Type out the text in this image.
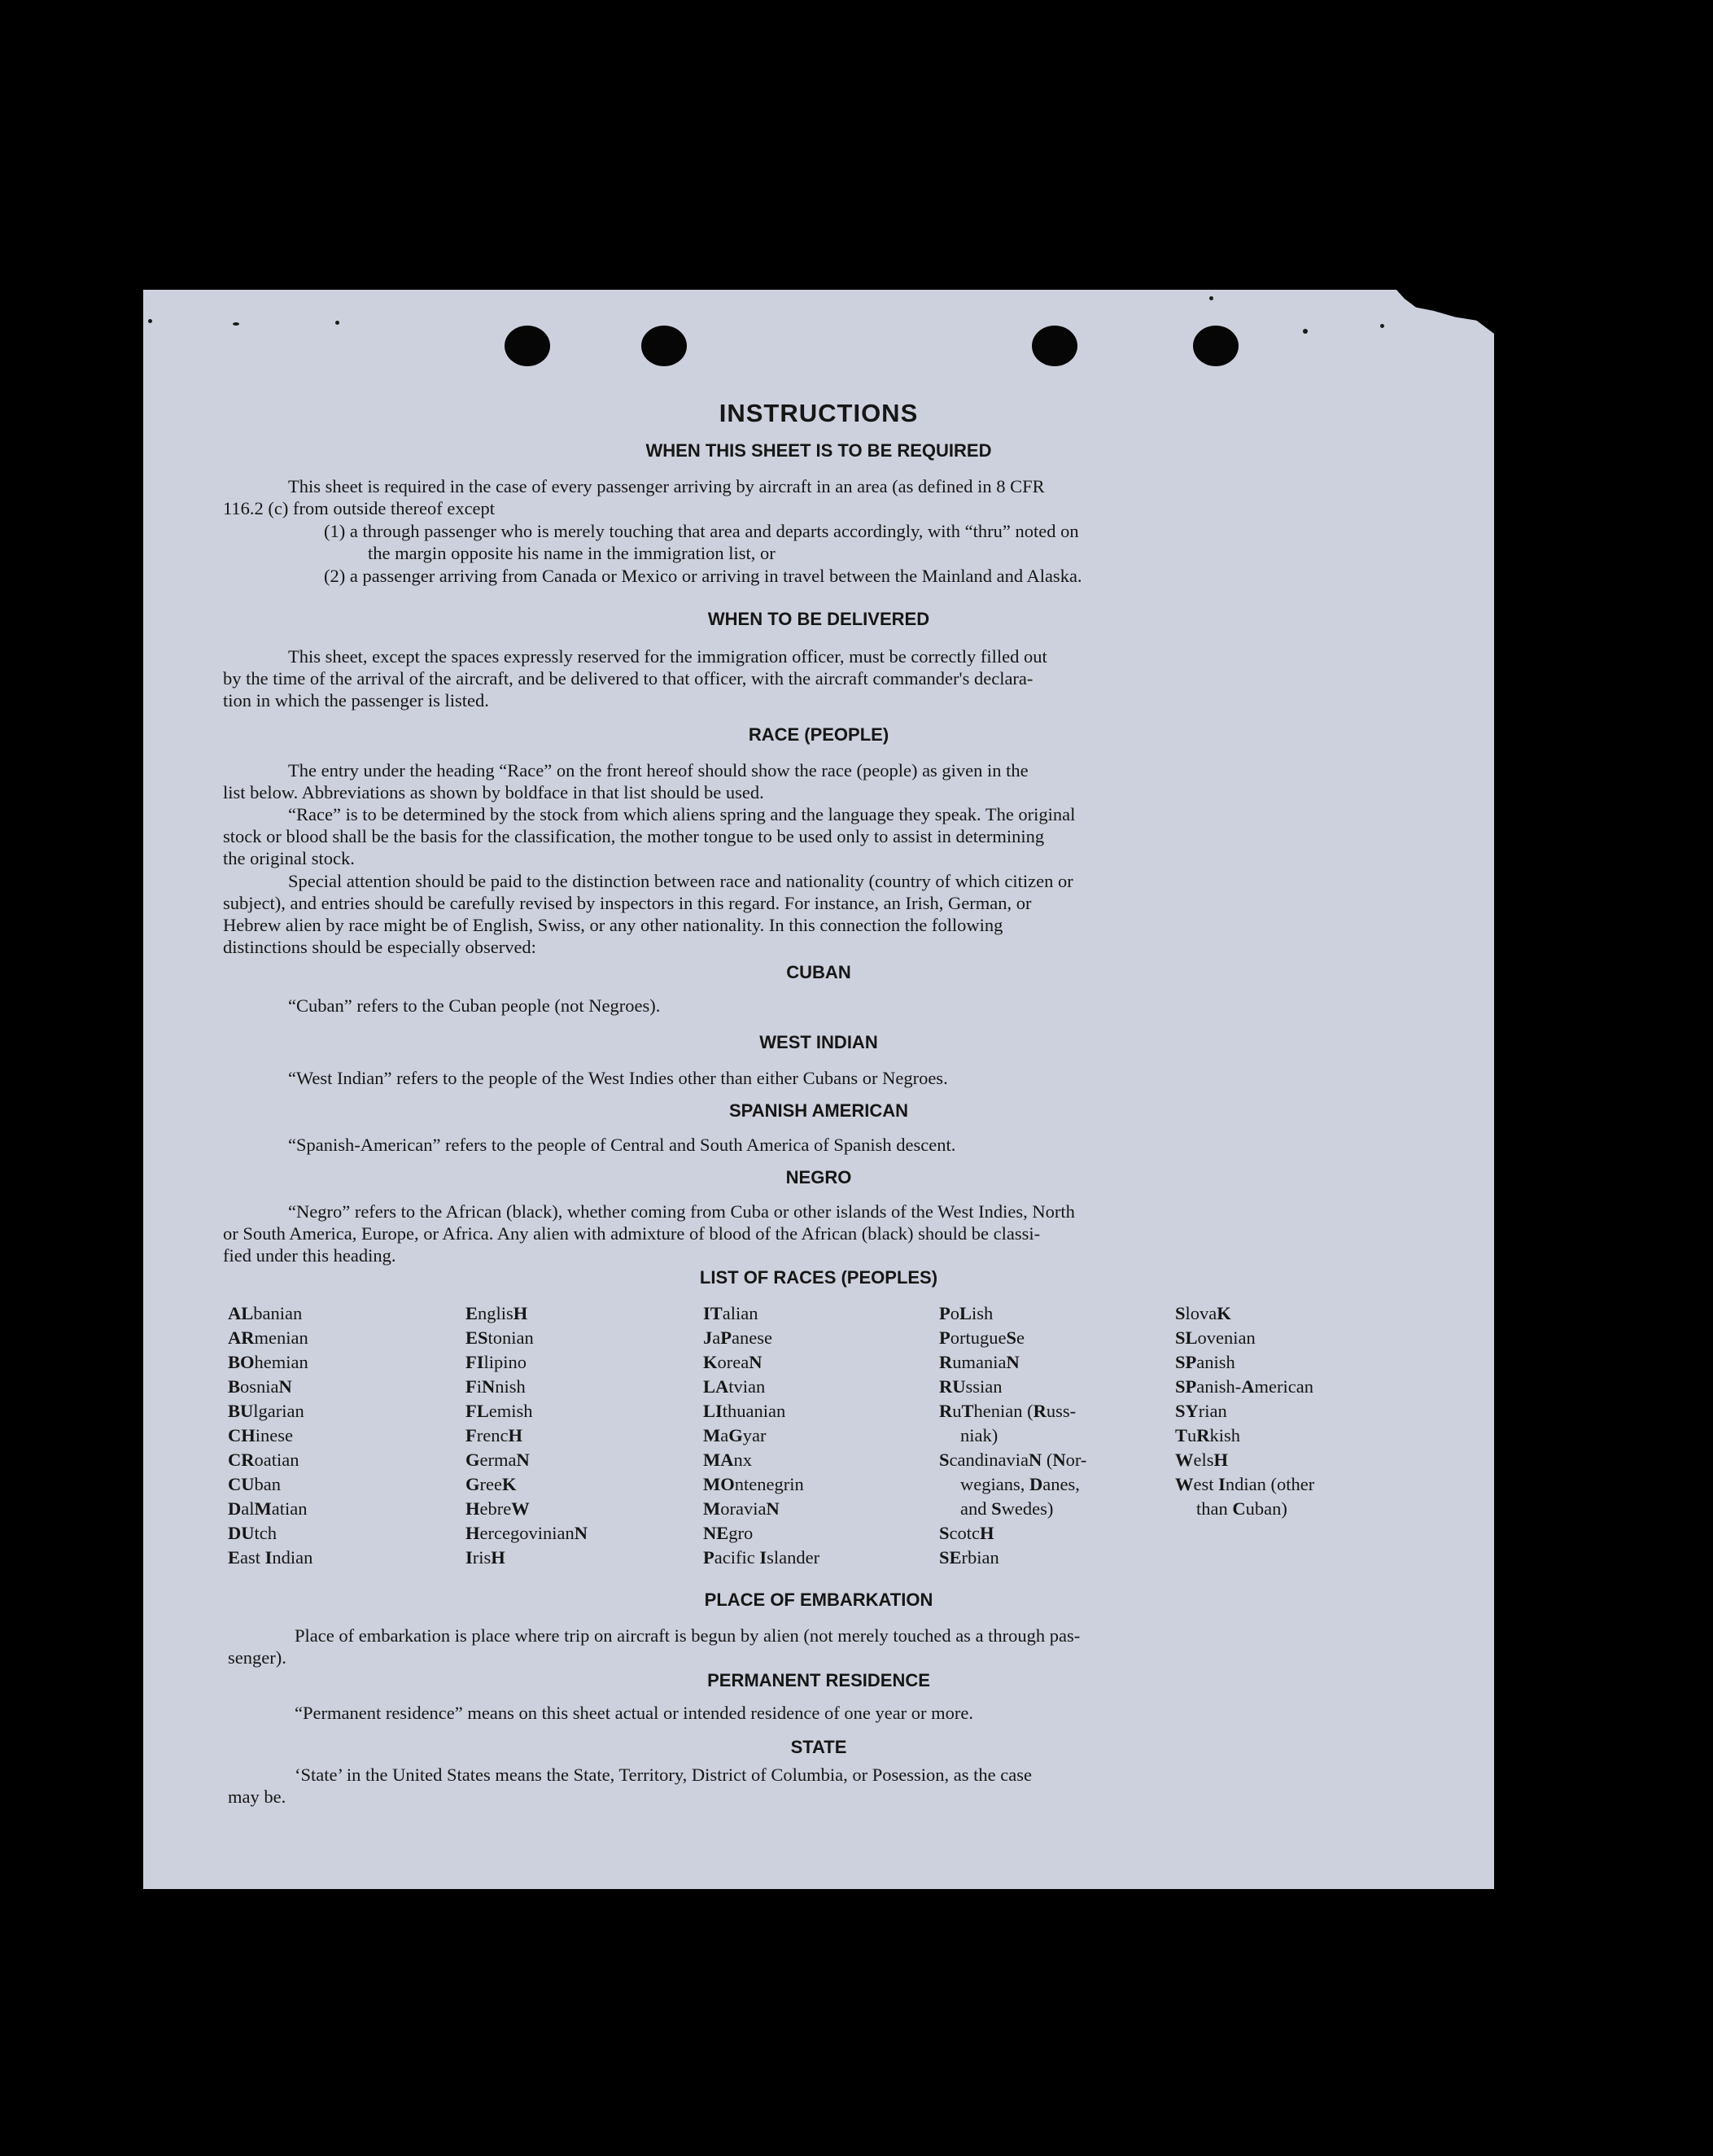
INSTRUCTIONS
WHEN THIS SHEET IS TO BE REQUIRED
This sheet is required in the case of every passenger arriving by aircraft in an area (as defined in 8 CFR
116.2 (c) from outside thereof except
(1) a through passenger who is merely touching that area and departs accordingly, with “thru” noted on
the margin opposite his name in the immigration list, or
(2) a passenger arriving from Canada or Mexico or arriving in travel between the Mainland and Alaska.
WHEN TO BE DELIVERED
This sheet, except the spaces expressly reserved for the immigration officer, must be correctly filled out
by the time of the arrival of the aircraft, and be delivered to that officer, with the aircraft commander's declara-
tion in which the passenger is listed.
RACE (PEOPLE)
The entry under the heading “Race” on the front hereof should show the race (people) as given in the
list below. Abbreviations as shown by boldface in that list should be used.
“Race” is to be determined by the stock from which aliens spring and the language they speak. The original
stock or blood shall be the basis for the classification, the mother tongue to be used only to assist in determining
the original stock.
Special attention should be paid to the distinction between race and nationality (country of which citizen or
subject), and entries should be carefully revised by inspectors in this regard. For instance, an Irish, German, or
Hebrew alien by race might be of English, Swiss, or any other nationality. In this connection the following
distinctions should be especially observed:
CUBAN
“Cuban” refers to the Cuban people (not Negroes).
WEST INDIAN
“West Indian” refers to the people of the West Indies other than either Cubans or Negroes.
SPANISH AMERICAN
“Spanish-American” refers to the people of Central and South America of Spanish descent.
NEGRO
“Negro” refers to the African (black), whether coming from Cuba or other islands of the West Indies, North
or South America, Europe, or Africa. Any alien with admixture of blood of the African (black) should be classi-
fied under this heading.
LIST OF RACES (PEOPLES)
ALbanian
ARmenian
BOhemian
BosniaN
BUlgarian
CHinese
CRoatian
CUban
DalMatian
DUtch
East Indian
EnglisH
EStonian
FIlipino
FiNnish
FLemish
FrencH
GermaN
GreeK
HebreW
HercegovinianN
IrisH
ITalian
JaPanese
KoreaN
LAtvian
LIthuanian
MaGyar
MAnx
MOntenegrin
MoraviaN
NEgro
Pacific Islander
PoLish
PortugueSe
RumaniaN
RUssian
RuThenian (Russ-
niak)
ScandinaviaN (Nor-
wegians, Danes,
and Swedes)
ScotcH
SErbian
SlovaK
SLovenian
SPanish
SPanish-American
SYrian
TuRkish
WelsH
West Indian (other
than Cuban)
PLACE OF EMBARKATION
Place of embarkation is place where trip on aircraft is begun by alien (not merely touched as a through pas-
senger).
PERMANENT RESIDENCE
“Permanent residence” means on this sheet actual or intended residence of one year or more.
STATE
‘State’ in the United States means the State, Territory, District of Columbia, or Posession, as the case
may be.
